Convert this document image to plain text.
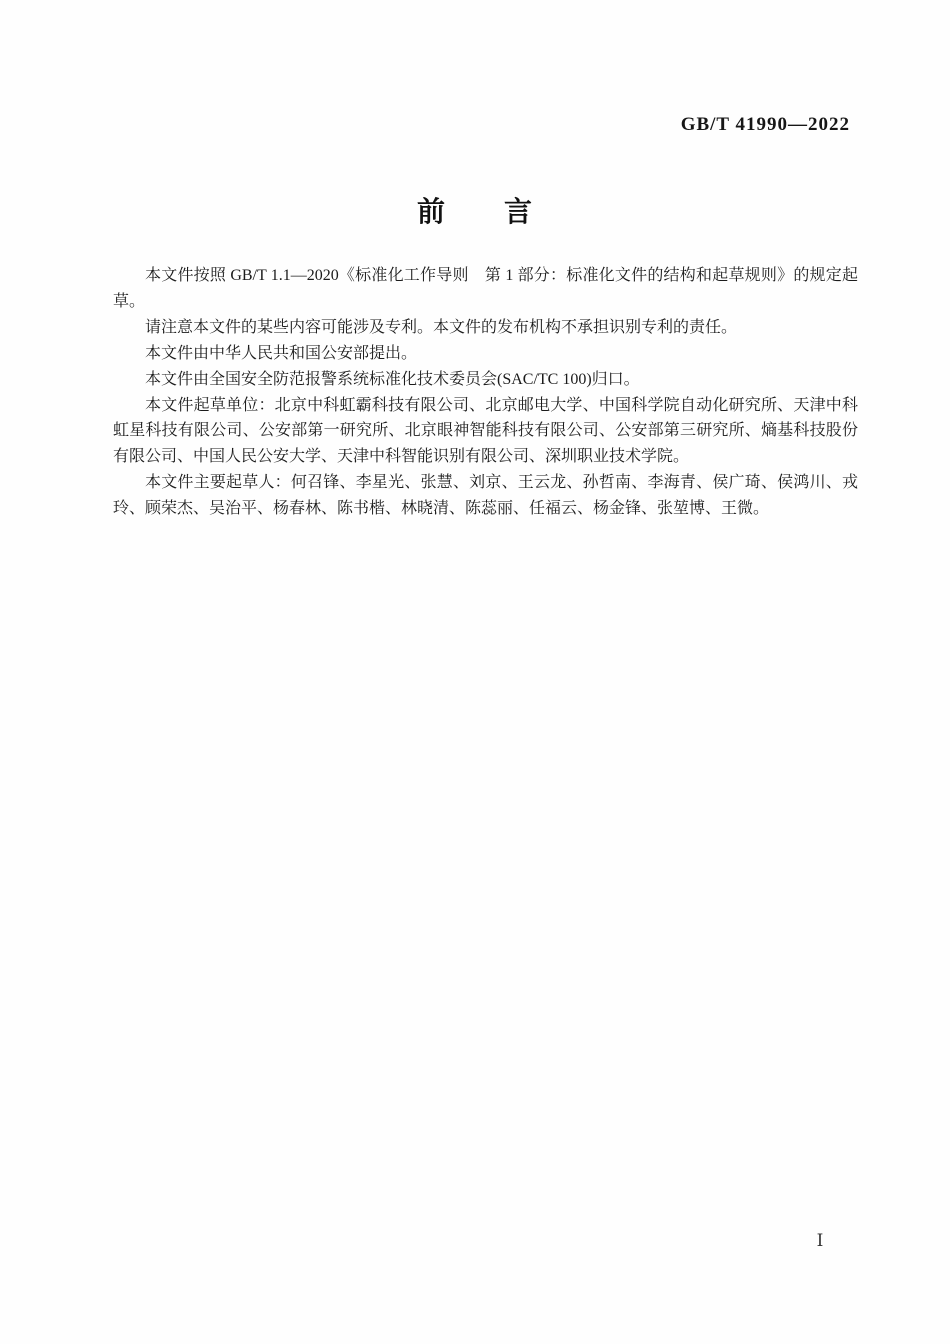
GB/T 41990—2022
前　　言

本文件按照 GB/T 1.1—2020《标准化工作导则　第 1 部分：标准化文件的结构和起草规则》的规定起草。

请注意本文件的某些内容可能涉及专利。本文件的发布机构不承担识别专利的责任。

本文件由中华人民共和国公安部提出。

本文件由全国安全防范报警系统标准化技术委员会(SAC/TC 100)归口。

本文件起草单位：北京中科虹霸科技有限公司、北京邮电大学、中国科学院自动化研究所、天津中科虹星科技有限公司、公安部第一研究所、北京眼神智能科技有限公司、公安部第三研究所、熵基科技股份有限公司、中国人民公安大学、天津中科智能识别有限公司、深圳职业技术学院。

本文件主要起草人：何召锋、李星光、张慧、刘京、王云龙、孙哲南、李海青、侯广琦、侯鸿川、戎玲、顾荣杰、吴治平、杨春林、陈书楷、林晓清、陈蕊丽、任福云、杨金锋、张堃博、王微。

Ⅰ
